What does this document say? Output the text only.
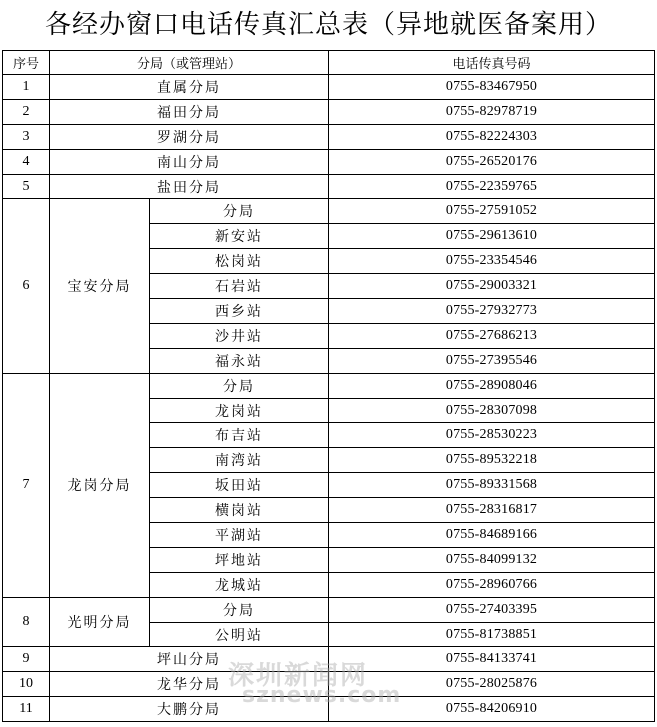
各经办窗口电话传真汇总表（异地就医备案用）
序号	分局（或管理站）		电话传真号码
1	直属分局		0755-83467950
2	福田分局		0755-82978719
3	罗湖分局		0755-82224303
4	南山分局		0755-26520176
5	盐田分局		0755-22359765
6	宝安分局	分局	0755-27591052
		新安站	0755-29613610
		松岗站	0755-23354546
		石岩站	0755-29003321
		西乡站	0755-27932773
		沙井站	0755-27686213
		福永站	0755-27395546
7	龙岗分局	分局	0755-28908046
		龙岗站	0755-28307098
		布吉站	0755-28530223
		南湾站	0755-89532218
		坂田站	0755-89331568
		横岗站	0755-28316817
		平湖站	0755-84689166
		坪地站	0755-84099132
		龙城站	0755-28960766
8	光明分局	分局	0755-27403395
		公明站	0755-81738851
9	坪山分局		0755-84133741
10	龙华分局		0755-28025876
11	大鹏分局		0755-84206910
深圳新闻网
sznews.com
